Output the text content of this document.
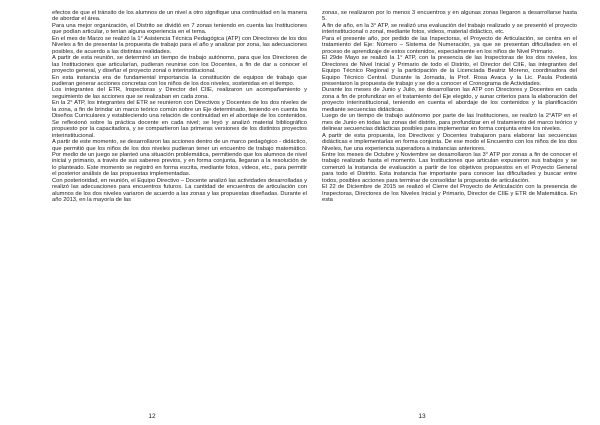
efectos de que el tránsito de los alumnos de un nivel a otro signifique una continuidad en la manera de abordar el área.

Para una mejor organización, el Distrito se dividió en 7 zonas teniendo en cuenta las Instituciones que podían articular, o tenían alguna experiencia en el tema.

En el mes de Marzo se realizó la 1° Asistencia Técnica Pedagógica (ATP) con Directores de los dos Niveles a fin de presentar la propuesta de trabajo para el año y analizar por zona, las adecuaciones posibles, de acuerdo a las distintas realidades.

A partir de esta reunión, se determinó un tiempo de trabajo autónomo, para que los Directores de las Instituciones que articularían, pudieran reunirse con los Docentes, a fin de dar a conocer el proyecto general, y diseñar el proyecto zonal o interinstitucional.

En esta instancia era de fundamental importancia la constitución de equipos de trabajo que pudieran generar acciones concretas con los niños de los dos niveles, sostenidas en el tiempo.

Los integrantes del ETR, Inspectoras y Director del CIIE, realizaron un acompañamiento y seguimiento de las acciones que se realizaban en cada zona.

En la 2° ATP, los integrantes del ETR se reunieron con Directivos y Docentes de los dos niveles de la zona, a fin de brindar un marco teórico común sobre un Eje determinado, teniendo en cuenta los Diseños Curriculares y estableciendo una relación de continuidad en el abordaje de los contenidos. Se reflexionó sobre la práctica docente en cada nivel; se leyó y analizó material bibliográfico propuesto por la capacitadora, y se compartieron las primeras versiones de los distintos proyectos interinstitucional.

A partir de este momento, se desarrollaron las acciones dentro de un marco pedagógico - didáctico, que permitió que los niños de los dos niveles pudieran tener un encuentro de trabajo matemático. Por medio de un juego se planteó una situación problemática, permitiendo que los alumnos de nivel inicial y primario, a través de sus saberes previos, y en forma conjunta, llegaran a la resolución de lo planteado. Este momento se registró en forma escrita, mediante fotos, videos, etc., para permitir el posterior análisis de las propuestas implementadas.

Con posterioridad, en reunión, el Equipo Directivo – Docente analizó las actividades desarrolladas y realizó las adecuaciones para encuentros futuros. La cantidad de encuentros de articulación con alumnos de los dos niveles variaron de acuerdo a las zonas y las propuestas diseñadas. Durante el año 2013, en la mayoría de las

12

zonas, se realizaron por lo menos 3 encuentros y en algunas zonas llegaron a desarrollarse hasta 5.

A fin de año, en la 3° ATP, se realizó una evaluación del trabajo realizado y se presentó el proyecto interinstitucional o zonal, mediante fotos, videos, material didáctico, etc.

Para el presente año, por pedido de las Inspectoras, el Proyecto de Articulación, se centra en el tratamiento del Eje: Número – Sistema de Numeración, ya que se presentan dificultades en el proceso de aprendizaje de estos contenidos, especialmente en los niños de Nivel Primario.

El 29de Mayo se realizó la 1° ATP, con la presencia de las Inspectoras de los dos niveles, los Directores de Nivel Inicial y Primario de todo el Distrito, el Director del CIIE, las integrantes del Equipo Técnico Regional y la participación de la Licenciada Beatriz Moreno, coordinadora del Equipo Técnico Central. Durante la Jornada, la Prof. Rosa Avaca y la Lic. Paula Podestá presentaron la propuesta de trabajo y se dio a conocer el Cronograma de Actividades.

Durante los meses de Junio y Julio, se desarrollaron las ATP con Directores y Docentes en cada zona a fin de profundizar en el tratamiento del Eje elegido, y aunar criterios para la elaboración del proyecto interinstitucional, teniendo en cuenta el abordaje de los contenidos y la planificación mediante secuencias didácticas.

Luego de un tiempo de trabajo autónomo por parte de las Instituciones, se realizó la 2°ATP en el mes de Junio en todas las zonas del distrito, para profundizar en el tratamiento del marco teórico y delinear secuencias didácticas posibles para implementar en forma conjunta entre los niveles.

A partir de esta propuesta, los Directivos y Docentes trabajaron para elaborar las secuencias didácticas e implementarlas en forma conjunta. De ese modo el Encuentro con los niños de los dos Niveles, fue una experiencia superadora a instancias anteriores.

Entre los meses de Octubre y Noviembre se desarrollaron las 3° ATP por zonas a fin de conocer el trabajo realizado hasta el momento. Las Instituciones que articulan expusieron sus trabajos y se comenzó la instancia de evaluación a partir de los objetivos propuestos en el Proyecto General para todo el Distrito. Esta instancia fue importante para conocer las dificultades y buscar entre todos, posibles acciones para terminar de consolidar la propuesta de articulación.

El 22 de Diciembre de 2015 se realizó el Cierre del Proyecto de Articulación con la presencia de Inspectoras, Directores de los Niveles Inicial y Primario, Director de CIIE y ETR de Matemática. En esta

13
